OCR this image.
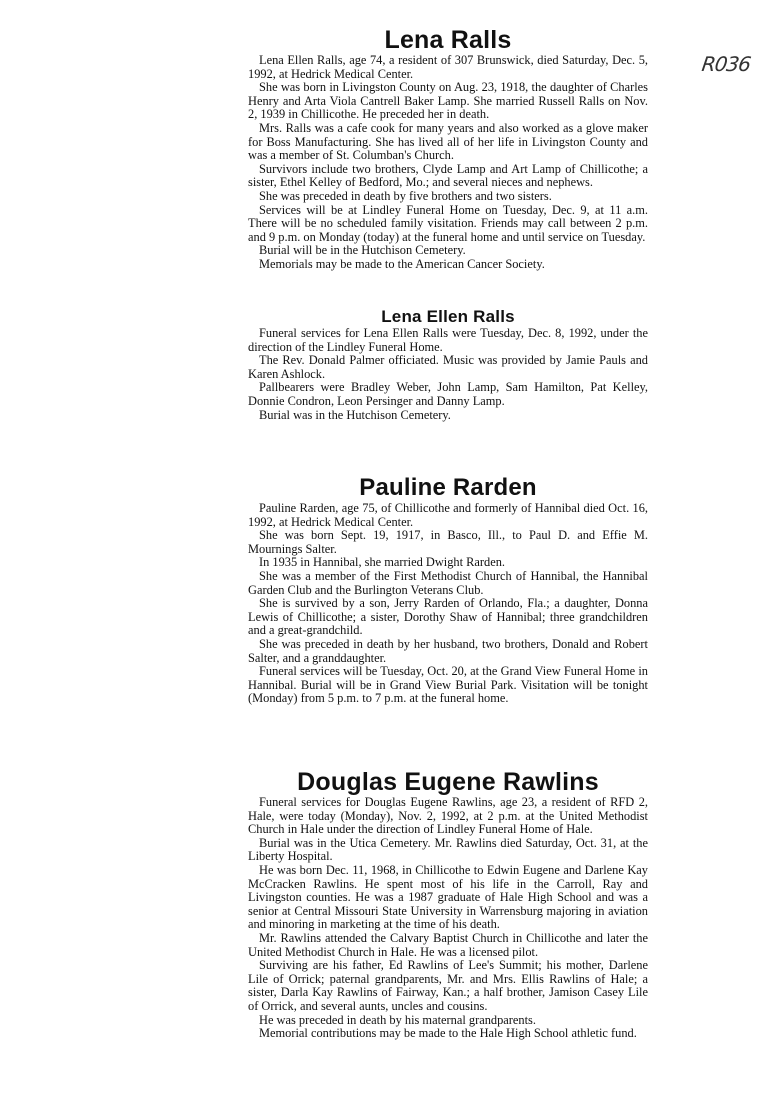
R036
Lena Ralls

Lena Ellen Ralls, age 74, a resident of 307 Brunswick, died Saturday, Dec. 5, 1992, at Hedrick Medical Center.

She was born in Livingston County on Aug. 23, 1918, the daughter of Charles Henry and Arta Viola Cantrell Baker Lamp. She married Russell Ralls on Nov. 2, 1939 in Chillicothe. He preceded her in death.

Mrs. Ralls was a cafe cook for many years and also worked as a glove maker for Boss Manufacturing. She has lived all of her life in Livingston County and was a member of St. Columban's Church.

Survivors include two brothers, Clyde Lamp and Art Lamp of Chillicothe; a sister, Ethel Kelley of Bedford, Mo.; and several nieces and nephews.

She was preceded in death by five brothers and two sisters.

Services will be at Lindley Funeral Home on Tuesday, Dec. 9, at 11 a.m. There will be no scheduled family visitation. Friends may call between 2 p.m. and 9 p.m. on Monday (today) at the funeral home and until service on Tuesday.

Burial will be in the Hutchison Cemetery.

Memorials may be made to the American Cancer Society.

Lena Ellen Ralls

Funeral services for Lena Ellen Ralls were Tuesday, Dec. 8, 1992, under the direction of the Lindley Funeral Home.

The Rev. Donald Palmer officiated. Music was provided by Jamie Pauls and Karen Ashlock.

Pallbearers were Bradley Weber, John Lamp, Sam Hamilton, Pat Kelley, Donnie Condron, Leon Persinger and Danny Lamp.

Burial was in the Hutchison Cemetery.

Pauline Rarden

Pauline Rarden, age 75, of Chillicothe and formerly of Hannibal died Oct. 16, 1992, at Hedrick Medical Center.

She was born Sept. 19, 1917, in Basco, Ill., to Paul D. and Effie M. Mournings Salter.

In 1935 in Hannibal, she married Dwight Rarden.

She was a member of the First Methodist Church of Hannibal, the Hannibal Garden Club and the Burlington Veterans Club.

She is survived by a son, Jerry Rarden of Orlando, Fla.; a daughter, Donna Lewis of Chillicothe; a sister, Dorothy Shaw of Hannibal; three grandchildren and a great-grandchild.

She was preceded in death by her husband, two brothers, Donald and Robert Salter, and a granddaughter.

Funeral services will be Tuesday, Oct. 20, at the Grand View Funeral Home in Hannibal. Burial will be in Grand View Burial Park. Visitation will be tonight (Monday) from 5 p.m. to 7 p.m. at the funeral home.

Douglas Eugene Rawlins

Funeral services for Douglas Eugene Rawlins, age 23, a resident of RFD 2, Hale, were today (Monday), Nov. 2, 1992, at 2 p.m. at the United Methodist Church in Hale under the direction of Lindley Funeral Home of Hale.

Burial was in the Utica Cemetery. Mr. Rawlins died Saturday, Oct. 31, at the Liberty Hospital.

He was born Dec. 11, 1968, in Chillicothe to Edwin Eugene and Darlene Kay McCracken Rawlins. He spent most of his life in the Carroll, Ray and Livingston counties. He was a 1987 graduate of Hale High School and was a senior at Central Missouri State University in Warrensburg majoring in aviation and minoring in marketing at the time of his death.

Mr. Rawlins attended the Calvary Baptist Church in Chillicothe and later the United Methodist Church in Hale. He was a licensed pilot.

Surviving are his father, Ed Rawlins of Lee's Summit; his mother, Darlene Lile of Orrick; paternal grandparents, Mr. and Mrs. Ellis Rawlins of Hale; a sister, Darla Kay Rawlins of Fairway, Kan.; a half brother, Jamison Casey Lile of Orrick, and several aunts, uncles and cousins.

He was preceded in death by his maternal grandparents.

Memorial contributions may be made to the Hale High School athletic fund.
